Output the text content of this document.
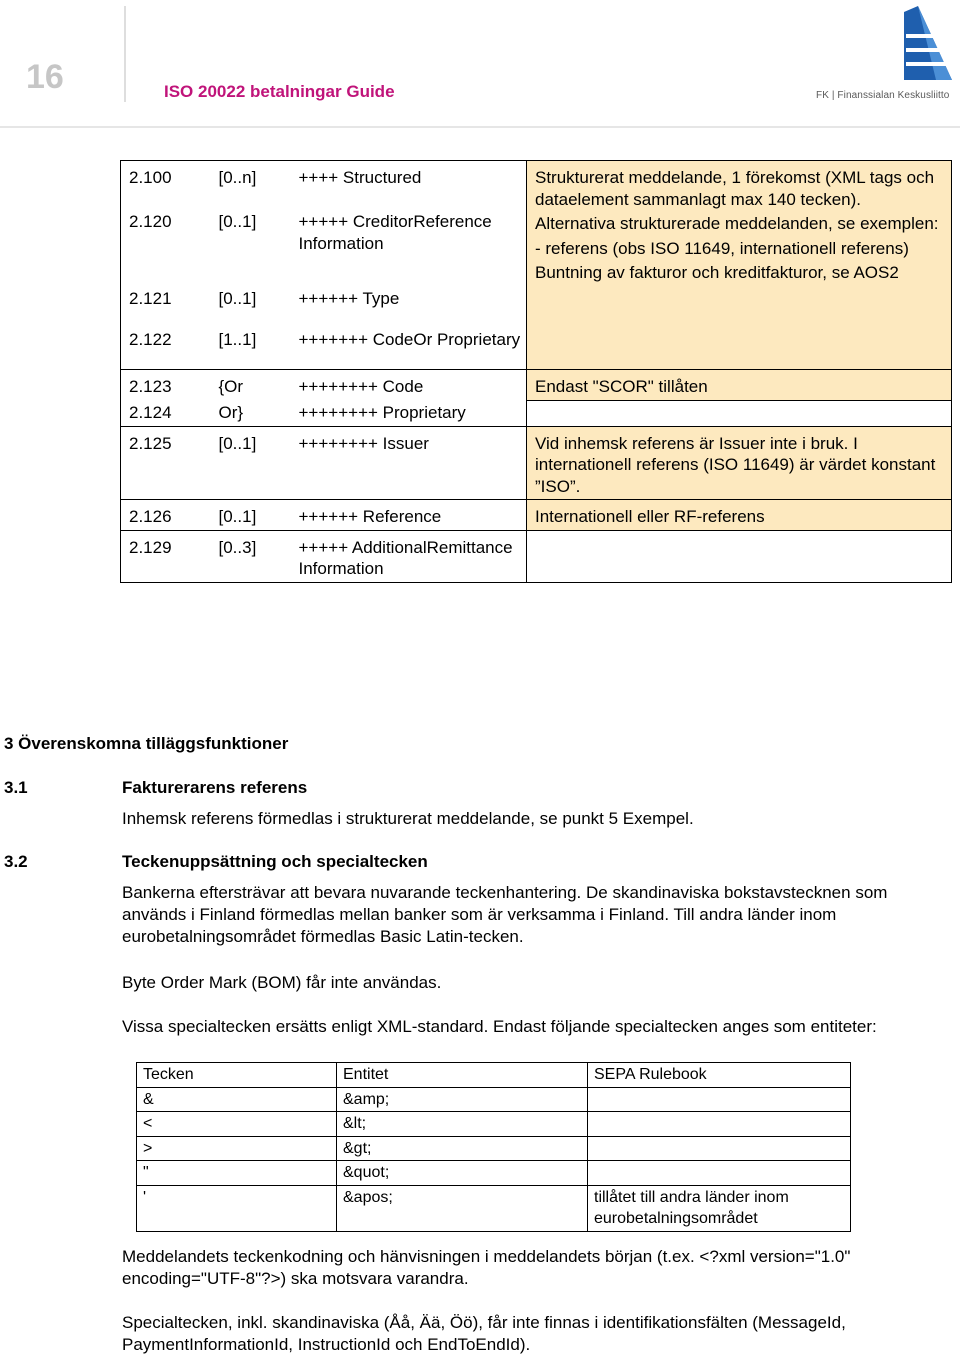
16	ISO 20022 betalningar Guide	FK | Finanssialan Keskusliitto
2.100	[0..n]	++++ Structured	Strukturerat meddelande, 1 förekomst (XML tags och dataelement sammanlagt max 140 tecken).

Alternativa strukturerade meddelanden, se exemplen:

- referens (obs ISO 11649, internationell referens)

Buntning av fakturor och kreditfakturor, se AOS2

2.120	[0..1]	+++++ CreditorReference Information	
2.121	[0..1]	++++++ Type	
2.122	[1..1]	+++++++ CodeOr Proprietary	
2.123	{Or	++++++++ Code	Endast "SCOR" tillåten

2.124	Or}	++++++++ Proprietary	
2.125	[0..1]	++++++++ Issuer	Vid inhemsk referens är Issuer inte i bruk. I internationell referens (ISO 11649) är värdet konstant ”ISO”.

2.126	[0..1]	++++++ Reference	Internationell eller RF-referens

2.129	[0..3]	+++++ AdditionalRemittance Information	
3 Överenskomna tilläggsfunktioner
3.1	Fakturerarens referens
Inhemsk referens förmedlas i strukturerat meddelande, se punkt 5 Exempel.
3.2	Teckenuppsättning och specialtecken
Bankerna eftersträvar att bevara nuvarande teckenhantering. De skandinaviska bokstavstecknen som används i Finland förmedlas mellan banker som är verksamma i Finland. Till andra länder inom eurobetalningsområdet förmedlas Basic Latin-tecken.
Byte Order Mark (BOM) får inte användas.
Vissa specialtecken ersätts enligt XML-standard. Endast följande specialtecken anges som entiteter:
Tecken	Entitet	SEPA Rulebook
&	&amp;	
<	&lt;	
>	&gt;	
"	&quot;	
'	&apos;	tillåtet till andra länder inom eurobetalningsområdet
Meddelandets teckenkodning och hänvisningen i meddelandets början (t.ex. <?xml version="1.0" encoding="UTF-8"?>) ska motsvara varandra.
Specialtecken, inkl. skandinaviska (Åå, Ää, Öö), får inte finnas i identifikationsfälten (MessageId, PaymentInformationId, InstructionId och EndToEndId).
